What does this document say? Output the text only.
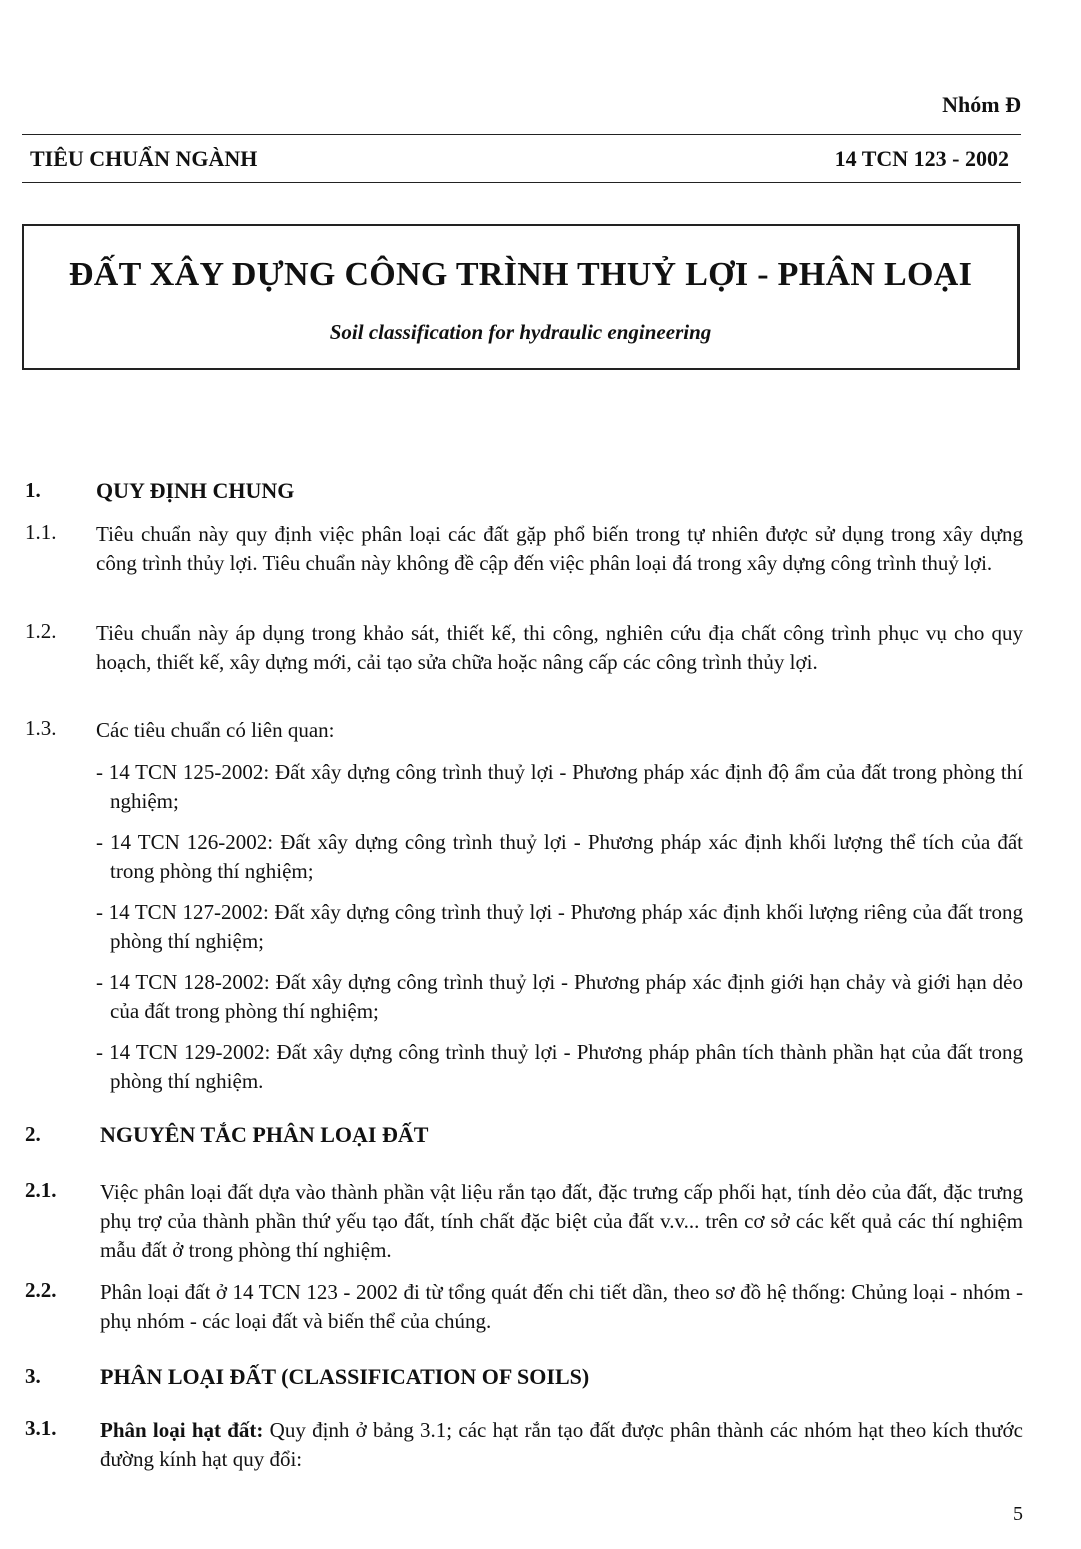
Nhóm Đ
TIÊU CHUẨN NGÀNH	14 TCN 123 - 2002
ĐẤT XÂY DỰNG CÔNG TRÌNH THUỶ LỢI - PHÂN LOẠI
Soil classification for hydraulic engineering
1.	QUY ĐỊNH CHUNG
1.1. Tiêu chuẩn này quy định việc phân loại các đất gặp phổ biến trong tự nhiên được sử dụng trong xây dựng công trình thủy lợi. Tiêu chuẩn này không đề cập đến việc phân loại đá trong xây dựng công trình thuỷ lợi.
1.2. Tiêu chuẩn này áp dụng trong khảo sát, thiết kế, thi công, nghiên cứu địa chất công trình phục vụ cho quy hoạch, thiết kế, xây dựng mới, cải tạo sửa chữa hoặc nâng cấp các công trình thủy lợi.
1.3. Các tiêu chuẩn có liên quan:
- 14 TCN 125-2002: Đất xây dựng công trình thuỷ lợi - Phương pháp xác định độ ẩm của đất trong phòng thí nghiệm;
- 14 TCN 126-2002: Đất xây dựng công trình thuỷ lợi - Phương pháp xác định khối lượng thể tích của đất trong phòng thí nghiệm;
- 14 TCN 127-2002: Đất xây dựng công trình thuỷ lợi - Phương pháp xác định khối lượng riêng của đất trong phòng thí nghiệm;
- 14 TCN 128-2002: Đất xây dựng công trình thuỷ lợi - Phương pháp xác định giới hạn chảy và giới hạn dẻo của đất trong phòng thí nghiệm;
- 14 TCN 129-2002: Đất xây dựng công trình thuỷ lợi - Phương pháp phân tích thành phần hạt của đất trong phòng thí nghiệm.
2.	NGUYÊN TẮC PHÂN LOẠI ĐẤT
2.1. Việc phân loại đất dựa vào thành phần vật liệu rắn tạo đất, đặc trưng cấp phối hạt, tính dẻo của đất, đặc trưng phụ trợ của thành phần thứ yếu tạo đất, tính chất đặc biệt của đất v.v... trên cơ sở các kết quả các thí nghiệm mẫu đất ở trong phòng thí nghiệm.
2.2. Phân loại đất ở 14 TCN 123 - 2002 đi từ tổng quát đến chi tiết dần, theo sơ đồ hệ thống: Chủng loại - nhóm - phụ nhóm - các loại đất và biến thể của chúng.
3.	PHÂN LOẠI ĐẤT (CLASSIFICATION OF SOILS)
3.1. Phân loại hạt đất: Quy định ở bảng 3.1; các hạt rắn tạo đất được phân thành các nhóm hạt theo kích thước đường kính hạt quy đổi:
5
